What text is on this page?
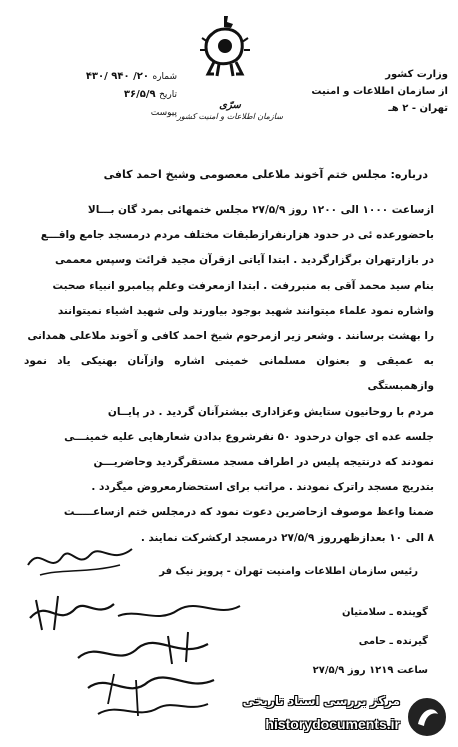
وزارت کشور
از سازمان اطلاعات و امنیت
تهران - ۲ هـ
سرّی
سازمان اطلاعات و امنیت کشور
شماره ۲۰/ ۹۴۰ /۴۳۰
تاریخ ۳۶/۵/۹
پیوست
درباره: مجلس ختم آخوند ملاعلی معصومی وشیخ احمد کافی

ازساعت ۱۰۰۰ الی ۱۲۰۰ روز ۲۷/۵/۹ مجلس ختمهائی بمرد گان بـــالا

باحضورعده ئی در حدود هزارنفرازطبقات مختلف مردم درمسجد جامع واقـــع

در بازارتهران برگزارگردید . ابتدا آیاتی ازقرآن مجید قرائت وسپس معممی

بنام سید محمد آقی به منبررفت . ابتدا ازمعرفت وعلم پیامبرو انبیاء صحبت

واشاره نمود علماء میتوانند شهید بوجود بیاورند ولی شهید اشیاء نمیتوانند

را بهشت برسانند . وشعر زیر ازمرحوم شیخ احمد کافی و آخوند ملاعلی همدانی

به عمیقی و بعنوان مسلمانی خمینی اشاره وازآنان بهنیکی یاد نمود وازهمبستگی

مردم با روحانیون ستایش وعزاداری بیشترآنان گردید . در پایــان

جلسه عده ای جوان درحدود ۵۰ نفرشروع بدادن شعارهایی علیه خمینـــی

نمودند که درنتیجه پلیس در اطراف مسجد مستقرگردید وحاضریـــن

بتدریج مسجد راترک نمودند . مراتب برای استحضارمعروض میگردد .

ضمنا واعظ موصوف ازحاضرین دعوت نمود که درمجلس ختم ازساعـــــت

۸ الی ۱۰ بعدازظهرروز ۲۷/۵/۹ درمسجد ارکشرکت نمایند .

رئیس سازمان اطلاعات وامنیت تهران - پرویز نیک فر
گوینده ـ سلامتیان
گیرنده ـ حامی
ساعت ۱۲۱۹ روز ۲۷/۵/۹
مرکز بررسی اسناد تاریخی
historydocuments.ir
